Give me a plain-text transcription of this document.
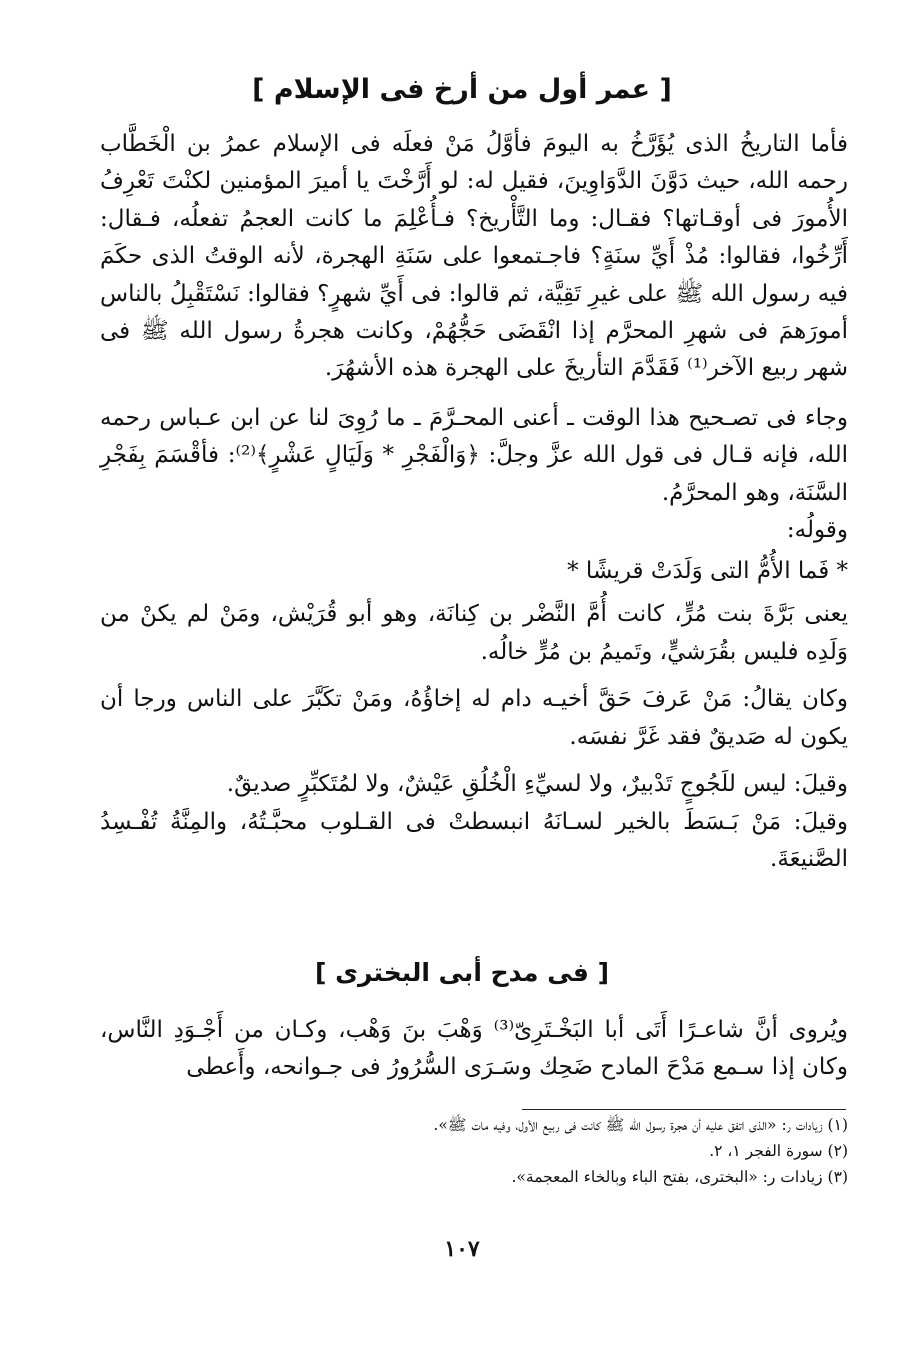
[ عمر أول من أرخ فى الإسلام ]

فأما التاريخُ الذى يُؤَرَّخُ به اليومَ فأوَّلُ مَنْ فعلَه فى الإسلام عمرُ بن الْخَطَّاب رحمه الله، حيث دَوَّنَ الدَّوَاوِينَ، فقيل له: لو أَرَّخْتَ يا أميرَ المؤمنين لكنْتَ تَعْرِفُ الأُمورَ فى أوقـاتها؟ فقـال: وما التَّأْريخ؟ فـأُعْلِمَ ما كانت العجمُ تفعلُه، فـقال: أَرِّخُوا، فقالوا: مُذْ أَيِّ سنَةٍ؟ فاجـتمعوا على سَنَةِ الهجرة، لأنه الوقتُ الذى حكَمَ فيه رسول الله ﷺ على غيرِ تَقِيَّة، ثم قالوا: فى أَيِّ شهرٍ؟ فقالوا: نَسْتَقْبِلُ بالناس أمورَهمَ فى شهرِ المحرَّم إذا انْقَضَى حَجُّهُمْ، وكانت هجرةُ رسول الله ﷺ فى شهر ربيع الآخر⁽¹⁾ فَقَدَّمَ التأريخَ على الهجرة هذه الأشهُرَ.

وجاء فى تصـحيح هذا الوقت ـ أعنى المحـرَّمَ ـ ما رُوِىَ لنا عن ابن عـباس رحمه الله، فإنه قـال فى قول الله عزَّ وجلَّ: ﴿وَالْفَجْرِ * وَلَيَالٍ عَشْرٍ﴾⁽²⁾: فأقْسَمَ بِفَجْرِ السَّنَة، وهو المحرَّمُ.

وقولُه:

* فَما الأُمُّ التى وَلَدَتْ قريشًا *

يعنى بَرَّةَ بنت مُرٍّ، كانت أُمَّ النَّضْر بن كِنانَة، وهو أبو قُرَيْش، ومَنْ لم يكنْ من وَلَدِه فليس بقُرَشيٍّ، وتَميمُ بن مُرٍّ خالُه.

وكان يقالُ: مَنْ عَرفَ حَقَّ أخيـه دام له إخاؤُهُ، ومَنْ تكَبَّرَ على الناس ورجا أن يكون له صَديقٌ فقد غَرَّ نفسَه.

وقيلَ: ليس للَجُوجٍ تَدْبيرٌ، ولا لسيِّءِ الْخُلُقِ عَيْشٌ، ولا لمُتَكبِّرٍ صديقٌ.

وقيلَ: مَنْ بَـسَطَ بالخير لسـانَهُ انبسطتْ فى القـلوب محبَّـتُهُ، والمِنَّةُ تُفْـسِدُ الصَّنيعَةَ.

[ فى مدح أبى البخترى ]

ويُروى أنَّ شاعـرًا أَتَى أبا البَخْـتَرِىّ⁽³⁾ وَهْبَ بنَ وَهْب، وكـان من أَجْـوَدِ النَّاس، وكان إذا سـمع مَدْحَ المادح ضَحِك وسَـرَى السُّرُورُ فى جـوانحه، وأَعطى

(١) زيادات ر: «الذى اتفق عليه أن هجرة رسول الله ﷺ كانت فى ربيع الأول، وفيه مات ﷺ».

(٢) سورة الفجر ١، ٢.

(٣) زيادات ر: «البخترى، بفتح الباء وبالخاء المعجمة».

١٠٧
